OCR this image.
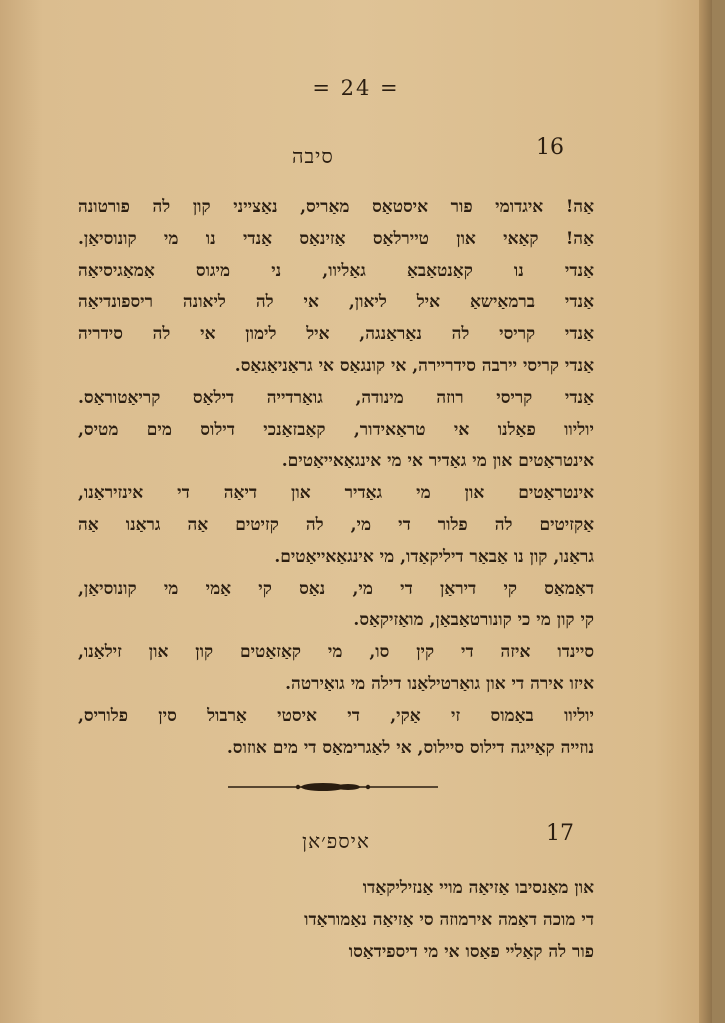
= 24 =
16
סיבה
אַה! איגדומי פור איסטאַס מאַריס, נאַצייני קון לה פורטונה
אַה! קאַאי און טיירלאַס אַזינאַס אַנדי נו מי קונוסיאַן.
אַנדי נו קאַנטאַבאַ גאַליוו, ני מיגוס אַמאַגיסיאַה
אַנדי ברמאַישאַ איל ליאון, אי לה ליאונה ריספונדיאַה
אַנדי קריסי לה נאַראַנגה, איל לימון אי לה סידריה
אַנדי קריסי יירבה סידריירה, אי קונגאַס אי גראַניאַגאַס.
אַנדי קריסי רוזה מינודה, גואַרדייה דילאַס קריאַטוראַס.
יוליוו פאַלנו אי טראַאידור, קאַבזאַנכי דילוס מים מטיס,
אינטראַטים און מי גאַדיר אי מי אינגאַאייאַטים.
אינטראַטים און מי גאַדיר און דיאַה די אינזיראַנו,
אַקזיטים לה פלור די מי, לה קזיטים אַה גראַנו אַה
גראַנו, קון נו אַבאַר דיליקאַדו, מי אינגאַאייאַטים.
דאַמאַס קי דיראַן די מי, נאַס קי אַמי מי קונוסיאַן,
קי קון מי כי קונורטאַבאַן, מואַזיקאַס.
סיינדו איזה די קין סו, מי קאַזאַטים קון און זילאַנו,
איזו אירה די און גואַרטילאַנו דילה מי גואַירטה.
יוליוו באַמוס זי אַקי, די איסטי אַרבול סין פלוריס,
נוזייה קאַייגה דילוס סיילוס, אי לאַגרימאַס די מים אוזוס.
17
איספ׳אן
און מאַנסיבו אַזיאַה מויי אַנזיליקאַדו
די מוכה דאַמה אירמוזה סי אַזיאַה נאַמוראַדו
פור לה קאַליי פאַסו אי מי דיספידאַסו
